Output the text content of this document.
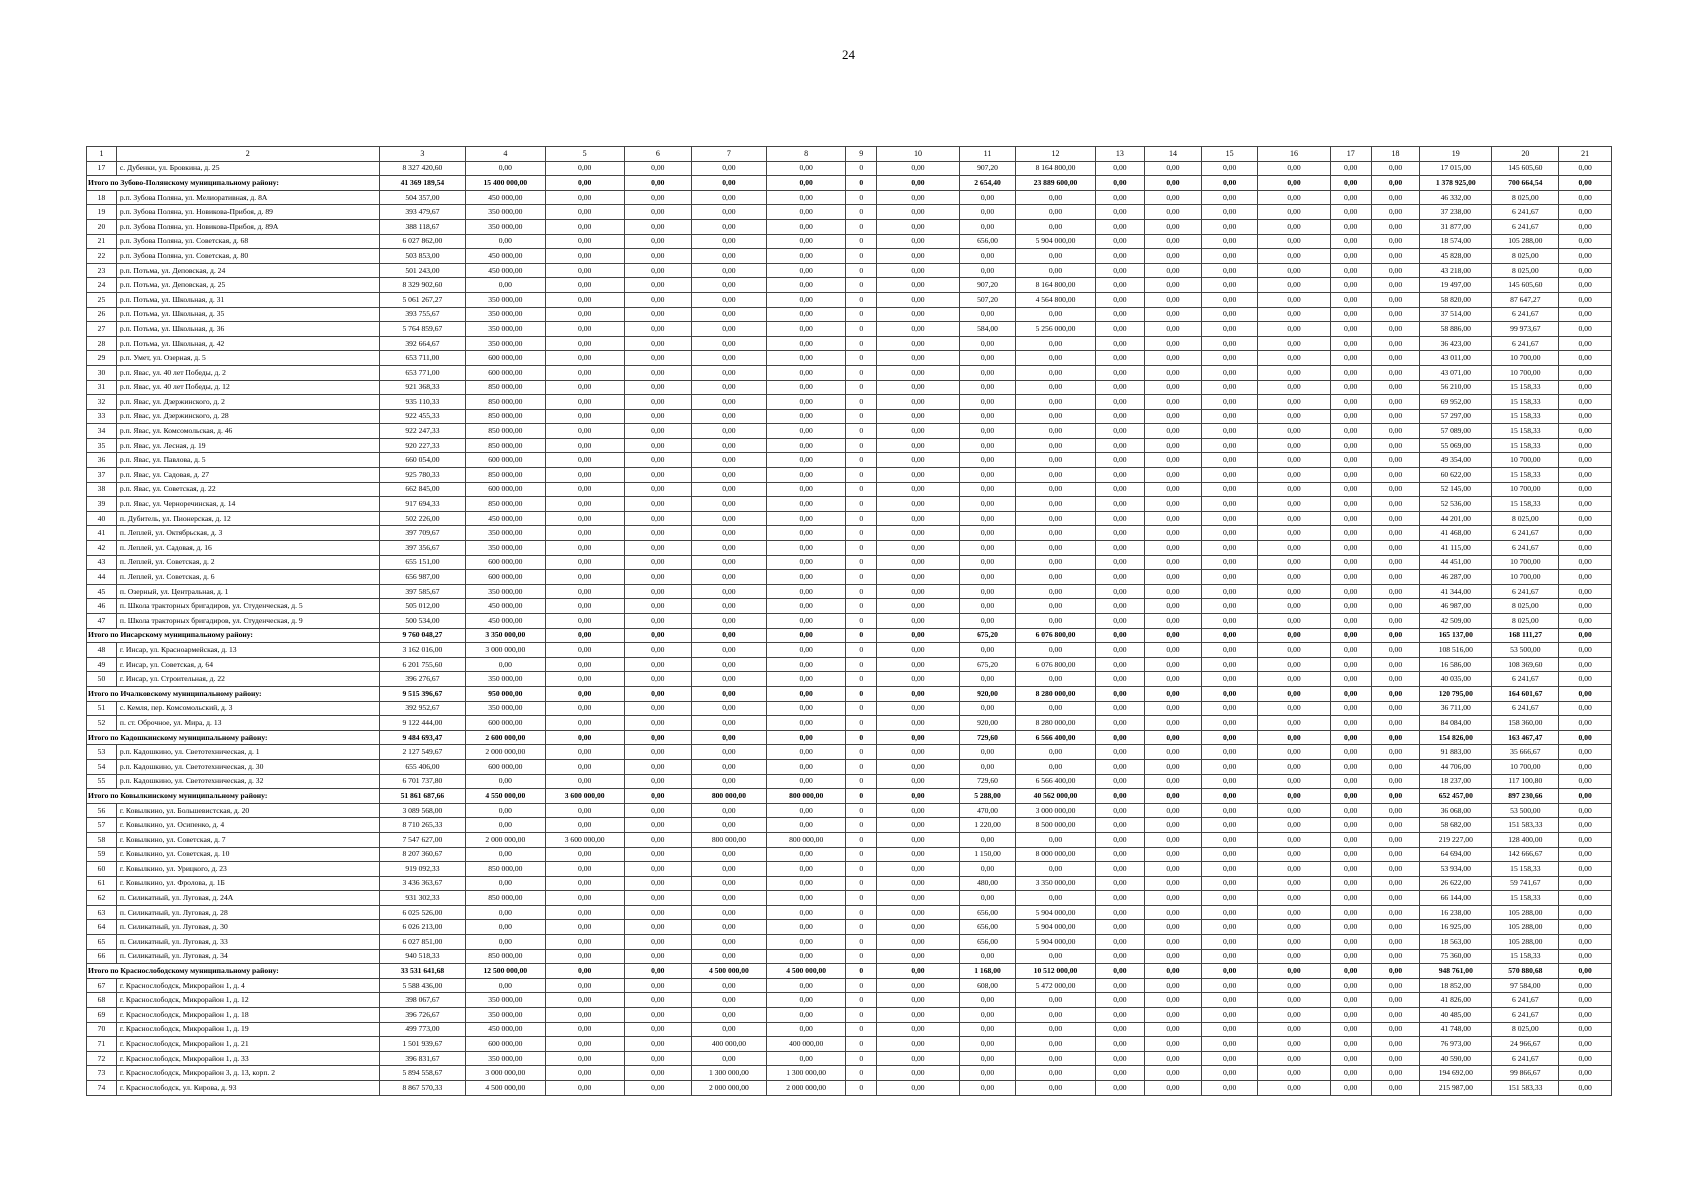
24
1	2	3	4	5	6	7	8	9	10	11	12	13	14	15	16	17	18	19	20	21
17	с. Дубенки, ул. Бровкина, д. 25	8 327 420,60	0,00	0,00	0,00	0,00	0,00	0	0,00	907,20	8 164 800,00	0,00	0,00	0,00	0,00	0,00	0,00	17 015,00	145 605,60	0,00
Итого по Зубово-Полянскому муниципальному району:		41 369 189,54	15 400 000,00	0,00	0,00	0,00	0,00	0	0,00	2 654,40	23 889 600,00	0,00	0,00	0,00	0,00	0,00	0,00	1 378 925,00	700 664,54	0,00
18	р.п. Зубова Поляна, ул. Мелиоративная, д. 8А	504 357,00	450 000,00	0,00	0,00	0,00	0,00	0	0,00	0,00	0,00	0,00	0,00	0,00	0,00	0,00	0,00	46 332,00	8 025,00	0,00
19	р.п. Зубова Поляна, ул. Новикова-Прибоя, д. 89	393 479,67	350 000,00	0,00	0,00	0,00	0,00	0	0,00	0,00	0,00	0,00	0,00	0,00	0,00	0,00	0,00	37 238,00	6 241,67	0,00
20	р.п. Зубова Поляна, ул. Новикова-Прибоя, д. 89А	388 118,67	350 000,00	0,00	0,00	0,00	0,00	0	0,00	0,00	0,00	0,00	0,00	0,00	0,00	0,00	0,00	31 877,00	6 241,67	0,00
21	р.п. Зубова Поляна, ул. Советская, д. 68	6 027 862,00	0,00	0,00	0,00	0,00	0,00	0	0,00	656,00	5 904 000,00	0,00	0,00	0,00	0,00	0,00	0,00	18 574,00	105 288,00	0,00
22	р.п. Зубова Поляна, ул. Советская, д. 80	503 853,00	450 000,00	0,00	0,00	0,00	0,00	0	0,00	0,00	0,00	0,00	0,00	0,00	0,00	0,00	0,00	45 828,00	8 025,00	0,00
23	р.п. Потьма, ул. Деповская, д. 24	501 243,00	450 000,00	0,00	0,00	0,00	0,00	0	0,00	0,00	0,00	0,00	0,00	0,00	0,00	0,00	0,00	43 218,00	8 025,00	0,00
24	р.п. Потьма, ул. Деповская, д. 25	8 329 902,60	0,00	0,00	0,00	0,00	0,00	0	0,00	907,20	8 164 800,00	0,00	0,00	0,00	0,00	0,00	0,00	19 497,00	145 605,60	0,00
25	р.п. Потьма, ул. Школьная, д. 31	5 061 267,27	350 000,00	0,00	0,00	0,00	0,00	0	0,00	507,20	4 564 800,00	0,00	0,00	0,00	0,00	0,00	0,00	58 820,00	87 647,27	0,00
26	р.п. Потьма, ул. Школьная, д. 35	393 755,67	350 000,00	0,00	0,00	0,00	0,00	0	0,00	0,00	0,00	0,00	0,00	0,00	0,00	0,00	0,00	37 514,00	6 241,67	0,00
27	р.п. Потьма, ул. Школьная, д. 36	5 764 859,67	350 000,00	0,00	0,00	0,00	0,00	0	0,00	584,00	5 256 000,00	0,00	0,00	0,00	0,00	0,00	0,00	58 886,00	99 973,67	0,00
28	р.п. Потьма, ул. Школьная, д. 42	392 664,67	350 000,00	0,00	0,00	0,00	0,00	0	0,00	0,00	0,00	0,00	0,00	0,00	0,00	0,00	0,00	36 423,00	6 241,67	0,00
29	р.п. Умет, ул. Озерная, д. 5	653 711,00	600 000,00	0,00	0,00	0,00	0,00	0	0,00	0,00	0,00	0,00	0,00	0,00	0,00	0,00	0,00	43 011,00	10 700,00	0,00
30	р.п. Явас, ул. 40 лет Победы, д. 2	653 771,00	600 000,00	0,00	0,00	0,00	0,00	0	0,00	0,00	0,00	0,00	0,00	0,00	0,00	0,00	0,00	43 071,00	10 700,00	0,00
31	р.п. Явас, ул. 40 лет Победы, д. 12	921 368,33	850 000,00	0,00	0,00	0,00	0,00	0	0,00	0,00	0,00	0,00	0,00	0,00	0,00	0,00	0,00	56 210,00	15 158,33	0,00
32	р.п. Явас, ул. Дзержинского, д. 2	935 110,33	850 000,00	0,00	0,00	0,00	0,00	0	0,00	0,00	0,00	0,00	0,00	0,00	0,00	0,00	0,00	69 952,00	15 158,33	0,00
33	р.п. Явас, ул. Дзержинского, д. 28	922 455,33	850 000,00	0,00	0,00	0,00	0,00	0	0,00	0,00	0,00	0,00	0,00	0,00	0,00	0,00	0,00	57 297,00	15 158,33	0,00
34	р.п. Явас, ул. Комсомольская, д. 46	922 247,33	850 000,00	0,00	0,00	0,00	0,00	0	0,00	0,00	0,00	0,00	0,00	0,00	0,00	0,00	0,00	57 089,00	15 158,33	0,00
35	р.п. Явас, ул. Лесная, д. 19	920 227,33	850 000,00	0,00	0,00	0,00	0,00	0	0,00	0,00	0,00	0,00	0,00	0,00	0,00	0,00	0,00	55 069,00	15 158,33	0,00
36	р.п. Явас, ул. Павлова, д. 5	660 054,00	600 000,00	0,00	0,00	0,00	0,00	0	0,00	0,00	0,00	0,00	0,00	0,00	0,00	0,00	0,00	49 354,00	10 700,00	0,00
37	р.п. Явас, ул. Садовая, д. 27	925 780,33	850 000,00	0,00	0,00	0,00	0,00	0	0,00	0,00	0,00	0,00	0,00	0,00	0,00	0,00	0,00	60 622,00	15 158,33	0,00
38	р.п. Явас, ул. Советская, д. 22	662 845,00	600 000,00	0,00	0,00	0,00	0,00	0	0,00	0,00	0,00	0,00	0,00	0,00	0,00	0,00	0,00	52 145,00	10 700,00	0,00
39	р.п. Явас, ул. Черноречинская, д. 14	917 694,33	850 000,00	0,00	0,00	0,00	0,00	0	0,00	0,00	0,00	0,00	0,00	0,00	0,00	0,00	0,00	52 536,00	15 158,33	0,00
40	п. Дубитель, ул. Пионерская, д. 12	502 226,00	450 000,00	0,00	0,00	0,00	0,00	0	0,00	0,00	0,00	0,00	0,00	0,00	0,00	0,00	0,00	44 201,00	8 025,00	0,00
41	п. Леплей, ул. Октябрьская, д. 3	397 709,67	350 000,00	0,00	0,00	0,00	0,00	0	0,00	0,00	0,00	0,00	0,00	0,00	0,00	0,00	0,00	41 468,00	6 241,67	0,00
42	п. Леплей, ул. Садовая, д. 16	397 356,67	350 000,00	0,00	0,00	0,00	0,00	0	0,00	0,00	0,00	0,00	0,00	0,00	0,00	0,00	0,00	41 115,00	6 241,67	0,00
43	п. Леплей, ул. Советская, д. 2	655 151,00	600 000,00	0,00	0,00	0,00	0,00	0	0,00	0,00	0,00	0,00	0,00	0,00	0,00	0,00	0,00	44 451,00	10 700,00	0,00
44	п. Леплей, ул. Советская, д. 6	656 987,00	600 000,00	0,00	0,00	0,00	0,00	0	0,00	0,00	0,00	0,00	0,00	0,00	0,00	0,00	0,00	46 287,00	10 700,00	0,00
45	п. Озерный, ул. Центральная, д. 1	397 585,67	350 000,00	0,00	0,00	0,00	0,00	0	0,00	0,00	0,00	0,00	0,00	0,00	0,00	0,00	0,00	41 344,00	6 241,67	0,00
46	п. Школа тракторных бригадиров, ул. Студенческая, д. 5	505 012,00	450 000,00	0,00	0,00	0,00	0,00	0	0,00	0,00	0,00	0,00	0,00	0,00	0,00	0,00	0,00	46 987,00	8 025,00	0,00
47	п. Школа тракторных бригадиров, ул. Студенческая, д. 9	500 534,00	450 000,00	0,00	0,00	0,00	0,00	0	0,00	0,00	0,00	0,00	0,00	0,00	0,00	0,00	0,00	42 509,00	8 025,00	0,00
Итого по Инсарскому муниципальному району:		9 760 048,27	3 350 000,00	0,00	0,00	0,00	0,00	0	0,00	675,20	6 076 800,00	0,00	0,00	0,00	0,00	0,00	0,00	165 137,00	168 111,27	0,00
48	г. Инсар, ул. Красноармейская, д. 13	3 162 016,00	3 000 000,00	0,00	0,00	0,00	0,00	0	0,00	0,00	0,00	0,00	0,00	0,00	0,00	0,00	0,00	108 516,00	53 500,00	0,00
49	г. Инсар, ул. Советская, д. 64	6 201 755,60	0,00	0,00	0,00	0,00	0,00	0	0,00	675,20	6 076 800,00	0,00	0,00	0,00	0,00	0,00	0,00	16 586,00	108 369,60	0,00
50	г. Инсар, ул. Строительная, д. 22	396 276,67	350 000,00	0,00	0,00	0,00	0,00	0	0,00	0,00	0,00	0,00	0,00	0,00	0,00	0,00	0,00	40 035,00	6 241,67	0,00
Итого по Ичалковскому муниципальному району:		9 515 396,67	950 000,00	0,00	0,00	0,00	0,00	0	0,00	920,00	8 280 000,00	0,00	0,00	0,00	0,00	0,00	0,00	120 795,00	164 601,67	0,00
51	с. Кемля, пер. Комсомольский, д. 3	392 952,67	350 000,00	0,00	0,00	0,00	0,00	0	0,00	0,00	0,00	0,00	0,00	0,00	0,00	0,00	0,00	36 711,00	6 241,67	0,00
52	п. ст. Оброчное, ул. Мира, д. 13	9 122 444,00	600 000,00	0,00	0,00	0,00	0,00	0	0,00	920,00	8 280 000,00	0,00	0,00	0,00	0,00	0,00	0,00	84 084,00	158 360,00	0,00
Итого по Кадошкинскому муниципальному району:		9 484 693,47	2 600 000,00	0,00	0,00	0,00	0,00	0	0,00	729,60	6 566 400,00	0,00	0,00	0,00	0,00	0,00	0,00	154 826,00	163 467,47	0,00
53	р.п. Кадошкино, ул. Светотехническая, д. 1	2 127 549,67	2 000 000,00	0,00	0,00	0,00	0,00	0	0,00	0,00	0,00	0,00	0,00	0,00	0,00	0,00	0,00	91 883,00	35 666,67	0,00
54	р.п. Кадошкино, ул. Светотехническая, д. 30	655 406,00	600 000,00	0,00	0,00	0,00	0,00	0	0,00	0,00	0,00	0,00	0,00	0,00	0,00	0,00	0,00	44 706,00	10 700,00	0,00
55	р.п. Кадошкино, ул. Светотехническая, д. 32	6 701 737,80	0,00	0,00	0,00	0,00	0,00	0	0,00	729,60	6 566 400,00	0,00	0,00	0,00	0,00	0,00	0,00	18 237,00	117 100,80	0,00
Итого по Ковылкинскому муниципальному району:		51 861 687,66	4 550 000,00	3 600 000,00	0,00	800 000,00	800 000,00	0	0,00	5 288,00	40 562 000,00	0,00	0,00	0,00	0,00	0,00	0,00	652 457,00	897 230,66	0,00
56	г. Ковылкино, ул. Большевистская, д. 20	3 089 568,00	0,00	0,00	0,00	0,00	0,00	0	0,00	470,00	3 000 000,00	0,00	0,00	0,00	0,00	0,00	0,00	36 068,00	53 500,00	0,00
57	г. Ковылкино, ул. Осипенко, д. 4	8 710 265,33	0,00	0,00	0,00	0,00	0,00	0	0,00	1 220,00	8 500 000,00	0,00	0,00	0,00	0,00	0,00	0,00	58 682,00	151 583,33	0,00
58	г. Ковылкино, ул. Советская, д. 7	7 547 627,00	2 000 000,00	3 600 000,00	0,00	800 000,00	800 000,00	0	0,00	0,00	0,00	0,00	0,00	0,00	0,00	0,00	0,00	219 227,00	128 400,00	0,00
59	г. Ковылкино, ул. Советская, д. 10	8 207 360,67	0,00	0,00	0,00	0,00	0,00	0	0,00	1 150,00	8 000 000,00	0,00	0,00	0,00	0,00	0,00	0,00	64 694,00	142 666,67	0,00
60	г. Ковылкино, ул. Урицкого, д. 23	919 092,33	850 000,00	0,00	0,00	0,00	0,00	0	0,00	0,00	0,00	0,00	0,00	0,00	0,00	0,00	0,00	53 934,00	15 158,33	0,00
61	г. Ковылкино, ул. Фролова, д. 1Б	3 436 363,67	0,00	0,00	0,00	0,00	0,00	0	0,00	480,00	3 350 000,00	0,00	0,00	0,00	0,00	0,00	0,00	26 622,00	59 741,67	0,00
62	п. Силикатный, ул. Луговая, д. 24А	931 302,33	850 000,00	0,00	0,00	0,00	0,00	0	0,00	0,00	0,00	0,00	0,00	0,00	0,00	0,00	0,00	66 144,00	15 158,33	0,00
63	п. Силикатный, ул. Луговая, д. 28	6 025 526,00	0,00	0,00	0,00	0,00	0,00	0	0,00	656,00	5 904 000,00	0,00	0,00	0,00	0,00	0,00	0,00	16 238,00	105 288,00	0,00
64	п. Силикатный, ул. Луговая, д. 30	6 026 213,00	0,00	0,00	0,00	0,00	0,00	0	0,00	656,00	5 904 000,00	0,00	0,00	0,00	0,00	0,00	0,00	16 925,00	105 288,00	0,00
65	п. Силикатный, ул. Луговая, д. 33	6 027 851,00	0,00	0,00	0,00	0,00	0,00	0	0,00	656,00	5 904 000,00	0,00	0,00	0,00	0,00	0,00	0,00	18 563,00	105 288,00	0,00
66	п. Силикатный, ул. Луговая, д. 34	940 518,33	850 000,00	0,00	0,00	0,00	0,00	0	0,00	0,00	0,00	0,00	0,00	0,00	0,00	0,00	0,00	75 360,00	15 158,33	0,00
Итого по Краснослободскому муниципальному району:		33 531 641,68	12 500 000,00	0,00	0,00	4 500 000,00	4 500 000,00	0	0,00	1 168,00	10 512 000,00	0,00	0,00	0,00	0,00	0,00	0,00	948 761,00	570 880,68	0,00
67	г. Краснослободск, Микрорайон 1, д. 4	5 588 436,00	0,00	0,00	0,00	0,00	0,00	0	0,00	608,00	5 472 000,00	0,00	0,00	0,00	0,00	0,00	0,00	18 852,00	97 584,00	0,00
68	г. Краснослободск, Микрорайон 1, д. 12	398 067,67	350 000,00	0,00	0,00	0,00	0,00	0	0,00	0,00	0,00	0,00	0,00	0,00	0,00	0,00	0,00	41 826,00	6 241,67	0,00
69	г. Краснослободск, Микрорайон 1, д. 18	396 726,67	350 000,00	0,00	0,00	0,00	0,00	0	0,00	0,00	0,00	0,00	0,00	0,00	0,00	0,00	0,00	40 485,00	6 241,67	0,00
70	г. Краснослободск, Микрорайон 1, д. 19	499 773,00	450 000,00	0,00	0,00	0,00	0,00	0	0,00	0,00	0,00	0,00	0,00	0,00	0,00	0,00	0,00	41 748,00	8 025,00	0,00
71	г. Краснослободск, Микрорайон 1, д. 21	1 501 939,67	600 000,00	0,00	0,00	400 000,00	400 000,00	0	0,00	0,00	0,00	0,00	0,00	0,00	0,00	0,00	0,00	76 973,00	24 966,67	0,00
72	г. Краснослободск, Микрорайон 1, д. 33	396 831,67	350 000,00	0,00	0,00	0,00	0,00	0	0,00	0,00	0,00	0,00	0,00	0,00	0,00	0,00	0,00	40 590,00	6 241,67	0,00
73	г. Краснослободск, Микрорайон 3, д. 13, корп. 2	5 894 558,67	3 000 000,00	0,00	0,00	1 300 000,00	1 300 000,00	0	0,00	0,00	0,00	0,00	0,00	0,00	0,00	0,00	0,00	194 692,00	99 866,67	0,00
74	г. Краснослободск, ул. Кирова, д. 93	8 867 570,33	4 500 000,00	0,00	0,00	2 000 000,00	2 000 000,00	0	0,00	0,00	0,00	0,00	0,00	0,00	0,00	0,00	0,00	215 987,00	151 583,33	0,00
